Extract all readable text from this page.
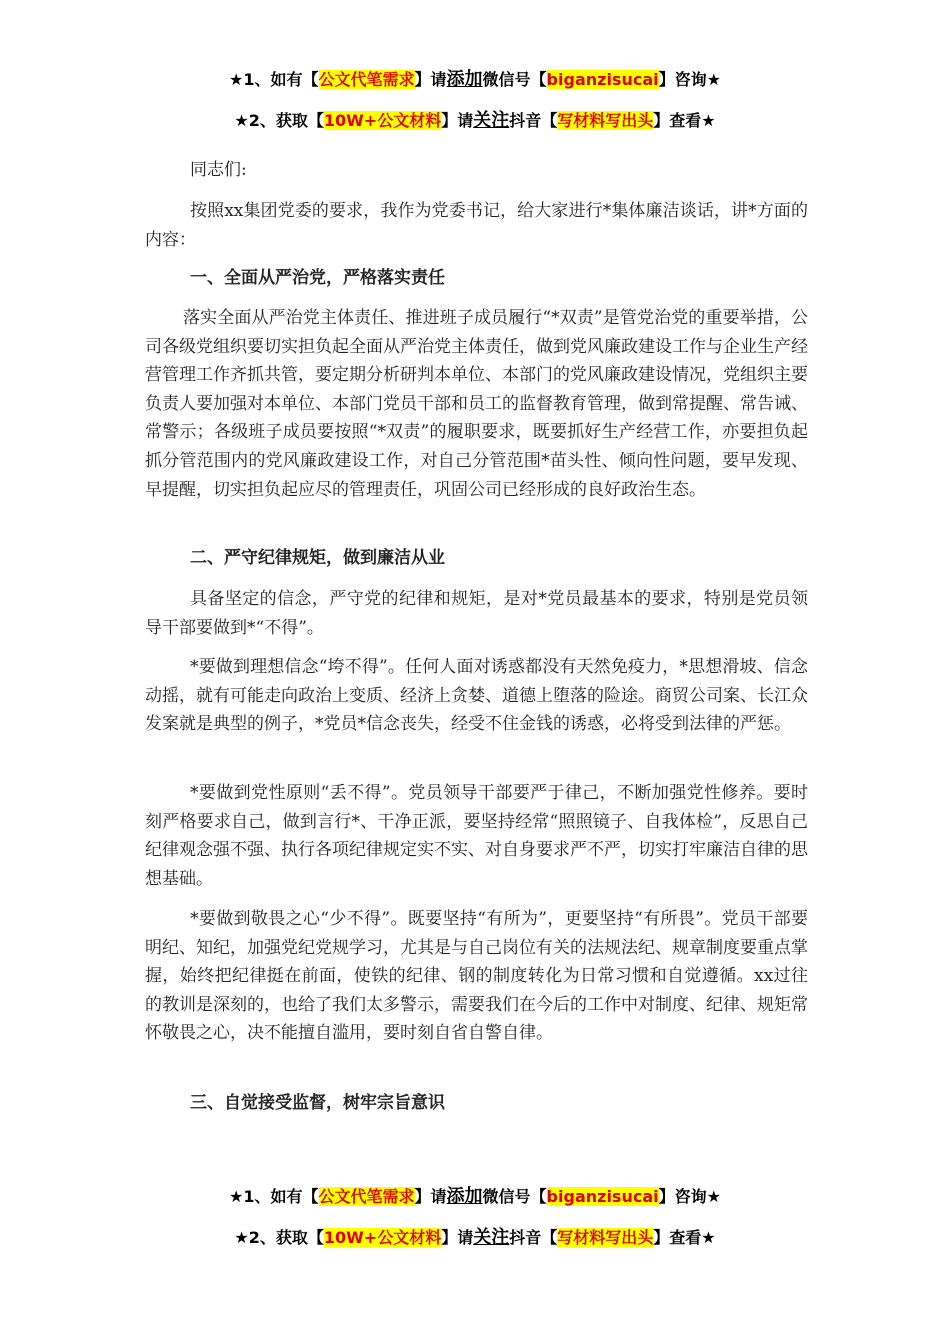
★1、如有【公文代笔需求】请添加微信号【biganzisucai】咨询★
★2、获取【10W+公文材料】请关注抖音【写材料写出头】查看★
同志们:
按照xx集团党委的要求，我作为党委书记，给大家进行*集体廉洁谈话，讲*方面的内容：
一、全面从严治党，严格落实责任
落实全面从严治党主体责任、推进班子成员履行“*双责”是管党治党的重要举措，公司各级党组织要切实担负起全面从严治党主体责任，做到党风廉政建设工作与企业生产经营管理工作齐抓共管，要定期分析研判本单位、本部门的党风廉政建设情况，党组织主要负责人要加强对本单位、本部门党员干部和员工的监督教育管理，做到常提醒、常告诫、常警示；各级班子成员要按照“*双责”的履职要求，既要抓好生产经营工作，亦要担负起抓分管范围内的党风廉政建设工作，对自己分管范围*苗头性、倾向性问题，要早发现、早提醒，切实担负起应尽的管理责任，巩固公司已经形成的良好政治生态。
二、严守纪律规矩，做到廉洁从业
具备坚定的信念，严守党的纪律和规矩，是对*党员最基本的要求，特别是党员领导干部要做到*“不得”。
*要做到理想信念“垮不得”。任何人面对诱惑都没有天然免疫力，*思想滑坡、信念动摇，就有可能走向政治上变质、经济上贪婪、道德上堕落的险途。商贸公司案、长江众发案就是典型的例子，*党员*信念丧失，经受不住金钱的诱惑，必将受到法律的严惩。
*要做到党性原则“丢不得”。党员领导干部要严于律己，不断加强党性修养。要时刻严格要求自己，做到言行*、干净正派，要坚持经常“照照镜子、自我体检”，反思自己纪律观念强不强、执行各项纪律规定实不实、对自身要求严不严，切实打牢廉洁自律的思想基础。
*要做到敬畏之心“少不得”。既要坚持“有所为”，更要坚持“有所畏”。党员干部要明纪、知纪，加强党纪党规学习，尤其是与自己岗位有关的法规法纪、规章制度要重点掌握，始终把纪律挺在前面，使铁的纪律、钢的制度转化为日常习惯和自觉遵循。xx过往的教训是深刻的，也给了我们太多警示，需要我们在今后的工作中对制度、纪律、规矩常怀敬畏之心，决不能擅自滥用，要时刻自省自警自律。
三、自觉接受监督，树牢宗旨意识
★1、如有【公文代笔需求】请添加微信号【biganzisucai】咨询★
★2、获取【10W+公文材料】请关注抖音【写材料写出头】查看★
